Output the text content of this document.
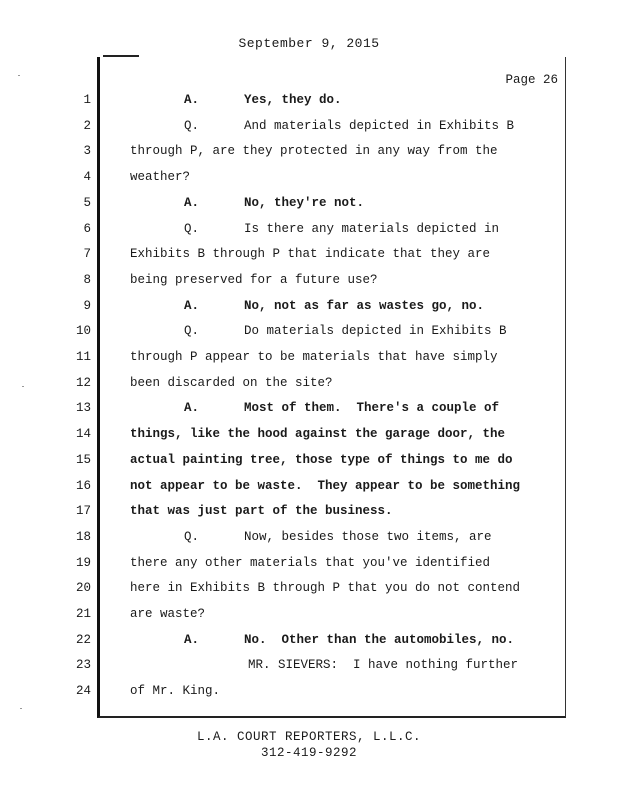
September 9, 2015
Page 26
1	A.      Yes, they do.
2	Q.      And materials depicted in Exhibits B
3	through P, are they protected in any way from the
4	weather?
5	A.      No, they're not.
6	Q.      Is there any materials depicted in
7	Exhibits B through P that indicate that they are
8	being preserved for a future use?
9	A.      No, not as far as wastes go, no.
10	Q.      Do materials depicted in Exhibits B
11	through P appear to be materials that have simply
12	been discarded on the site?
13	A.      Most of them.  There's a couple of
14	things, like the hood against the garage door, the
15	actual painting tree, those type of things to me do
16	not appear to be waste.  They appear to be something
17	that was just part of the business.
18	Q.      Now, besides those two items, are
19	there any other materials that you've identified
20	here in Exhibits B through P that you do not contend
21	are waste?
22	A.      No.  Other than the automobiles, no.
23	MR. SIEVERS:  I have nothing further
24	of Mr. King.
L.A. COURT REPORTERS, L.L.C.
312-419-9292
